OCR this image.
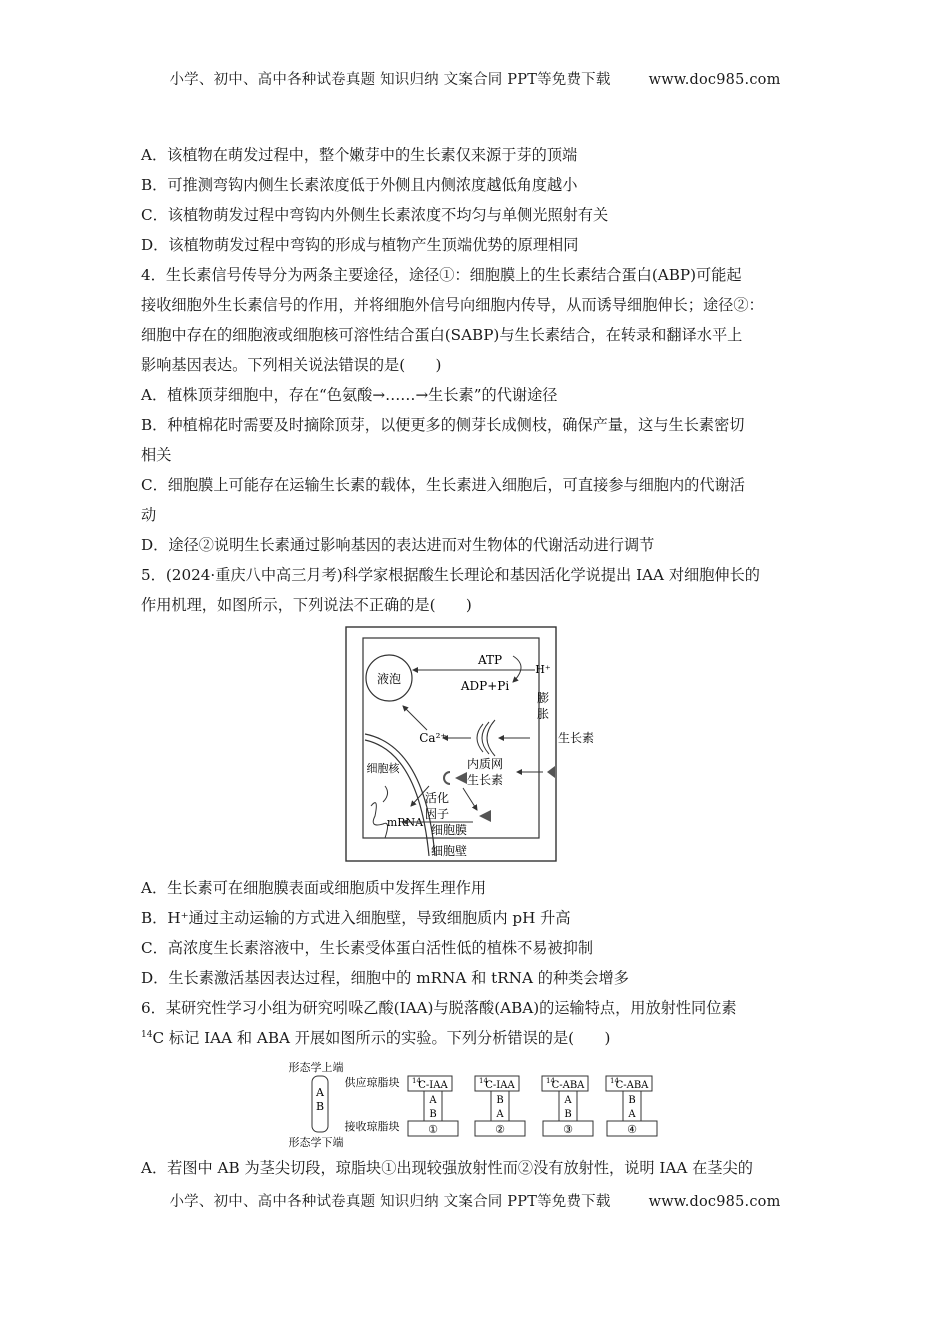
小学、初中、高中各种试卷真题 知识归纳 文案合同 PPT等免费下载	www.doc985.com
A．该植物在萌发过程中，整个嫩芽中的生长素仅来源于芽的顶端
B．可推测弯钩内侧生长素浓度低于外侧且内侧浓度越低角度越小
C．该植物萌发过程中弯钩内外侧生长素浓度不均匀与单侧光照射有关
D．该植物萌发过程中弯钩的形成与植物产生顶端优势的原理相同
4．生长素信号传导分为两条主要途径，途径①：细胞膜上的生长素结合蛋白(ABP)可能起
接收细胞外生长素信号的作用，并将细胞外信号向细胞内传导，从而诱导细胞伸长；途径②：
细胞中存在的细胞液或细胞核可溶性结合蛋白(SABP)与生长素结合，在转录和翻译水平上
影响基因表达。下列相关说法错误的是(　　)
A．植株顶芽细胞中，存在“色氨酸→……→生长素”的代谢途径
B．种植棉花时需要及时摘除顶芽，以便更多的侧芽长成侧枝，确保产量，这与生长素密切
相关
C．细胞膜上可能存在运输生长素的载体，生长素进入细胞后，可直接参与细胞内的代谢活
动
D．途径②说明生长素通过影响基因的表达进而对生物体的代谢活动进行调节
5．(2024·重庆八中高三月考)科学家根据酸生长理论和基因活化学说提出 IAA 对细胞伸长的
作用机理，如图所示，下列说法不正确的是(　　)
A．生长素可在细胞膜表面或细胞质中发挥生理作用
B．H⁺通过主动运输的方式进入细胞壁，导致细胞质内 pH 升高
C．高浓度生长素溶液中，生长素受体蛋白活性低的植株不易被抑制
D．生长素激活基因表达过程，细胞中的 mRNA 和 tRNA 的种类会增多
6．某研究性学习小组为研究吲哚乙酸(IAA)与脱落酸(ABA)的运输特点，用放射性同位素
$^{14}$C 标记 IAA 和 ABA 开展如图所示的实验。下列分析错误的是(　　)
A．若图中 AB 为茎尖切段，琼脂块①出现较强放射性而②没有放射性，说明 IAA 在茎尖的
液泡
ATP
ADP+Pi
H⁺
膨
胀
生长素
Ca²⁺
内质网
生长素
细胞核
活化
因子
mRNA
细胞膜
细胞壁
形态学上端
形态学下端
A
B
供应琼脂块
接收琼脂块
14
C-IAA
A
B
①
14
C-IAA
B
A
②
14
C-ABA
A
B
③
14
C-ABA
B
A
④
小学、初中、高中各种试卷真题 知识归纳 文案合同 PPT等免费下载	www.doc985.com
